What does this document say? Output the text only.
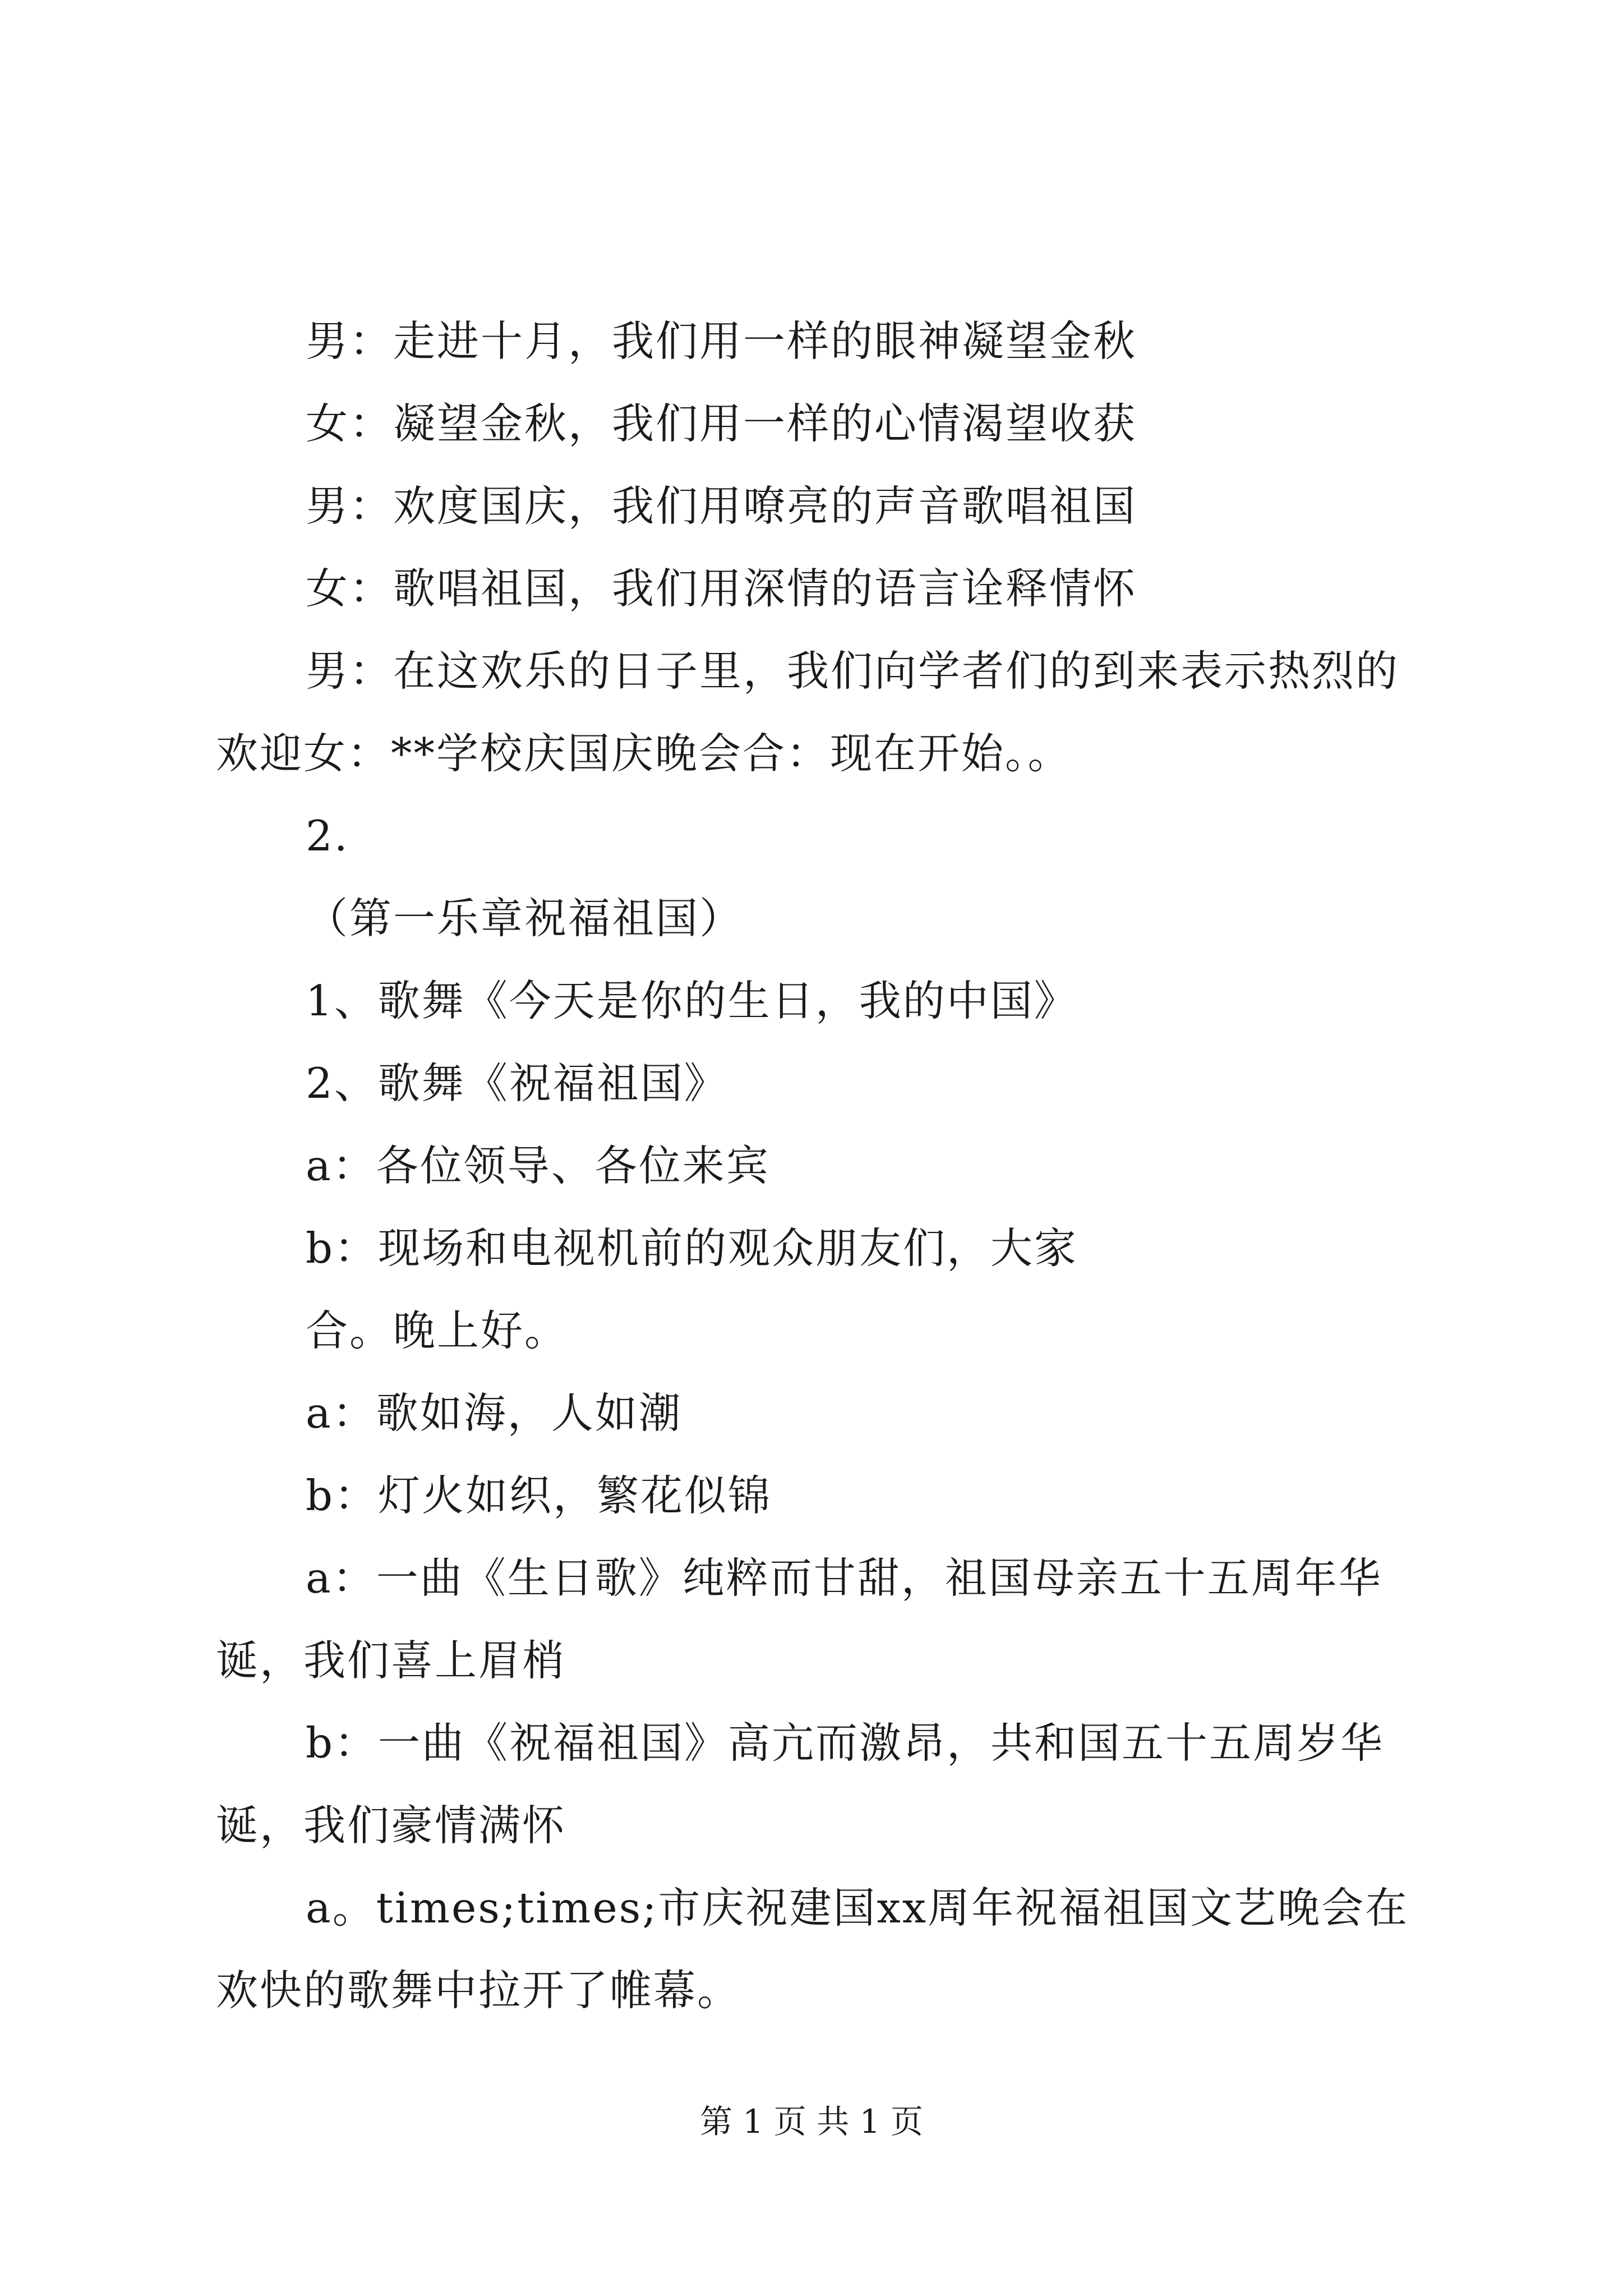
男：走进十月，我们用一样的眼神凝望金秋

女：凝望金秋，我们用一样的心情渴望收获

男：欢度国庆，我们用嘹亮的声音歌唱祖国

女：歌唱祖国，我们用深情的语言诠释情怀

男：在这欢乐的日子里，我们向学者们的到来表示热烈的欢迎女：**学校庆国庆晚会合：现在开始。。

2.

（第一乐章祝福祖国）

1、歌舞《今天是你的生日，我的中国》

2、歌舞《祝福祖国》

a：各位领导、各位来宾

b：现场和电视机前的观众朋友们，大家

合。晚上好。

a：歌如海，人如潮

b：灯火如织，繁花似锦

a：一曲《生日歌》纯粹而甘甜，祖国母亲五十五周年华诞，我们喜上眉梢

b：一曲《祝福祖国》高亢而激昂，共和国五十五周岁华诞，我们豪情满怀

a。times;times;市庆祝建国xx周年祝福祖国文艺晚会在欢快的歌舞中拉开了帷幕。

第 1 页 共 1 页
